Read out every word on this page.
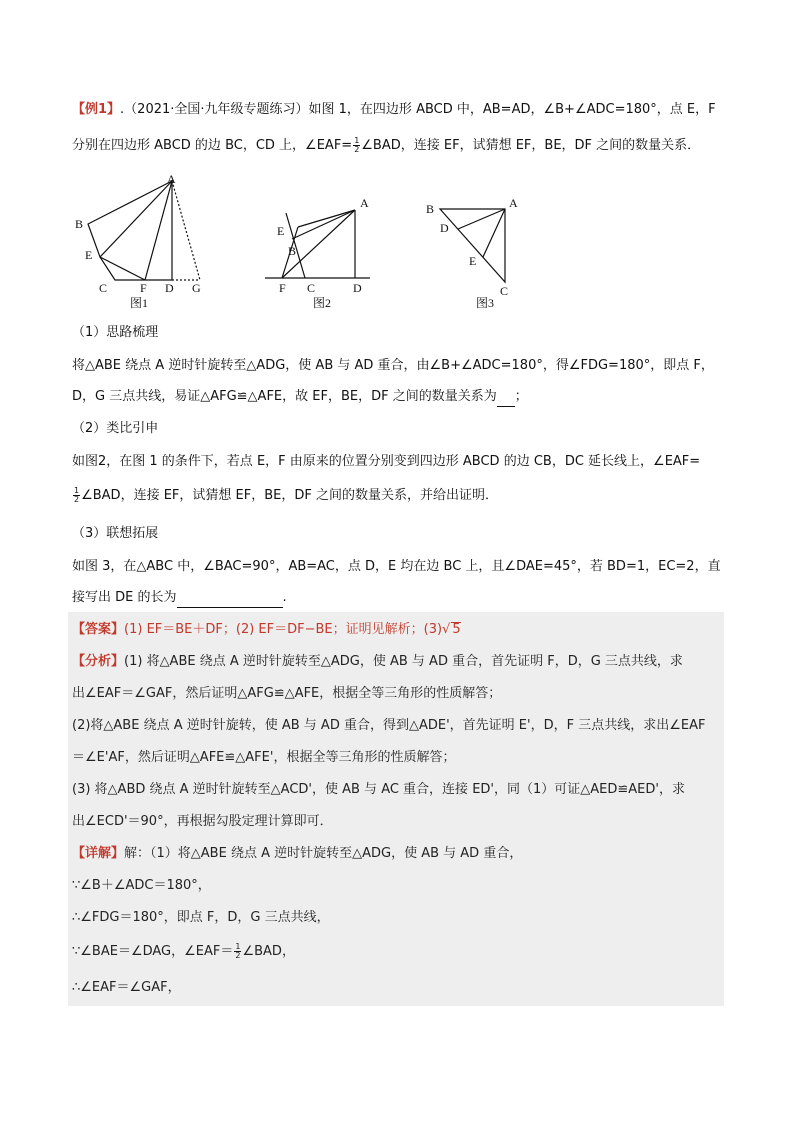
【例1】.（2021·全国·九年级专题练习）如图 1，在四边形 ABCD 中，AB=AD，∠B+∠ADC=180°，点 E，F
分别在四边形 ABCD 的边 BC，CD 上，∠EAF= $\frac{1}{2}$ ∠BAD，连接 EF，试猜想 EF，BE，DF 之间的数量关系．
A
B
E
C	F D G
图1
A
E
B
F C	D
图2
B	A
D
E
C
图3
（1）思路梳理
将△ABE 绕点 A 逆时针旋转至△ADG，使 AB 与 AD 重合，由∠B+∠ADC=180°，得∠FDG=180°，即点 F，
D，G 三点共线，易证△AFG≌△AFE，故 EF，BE，DF 之间的数量关系为 ；
（2）类比引申
如图2，在图 1 的条件下，若点 E，F 由原来的位置分别变到四边形 ABCD 的边 CB，DC 延长线上，∠EAF=
$\frac{1}{2}$ ∠BAD，连接 EF，试猜想 EF，BE，DF 之间的数量关系，并给出证明．
（3）联想拓展
如图 3，在△ABC 中，∠BAC=90°，AB=AC，点 D，E 均在边 BC 上，且∠DAE=45°，若 BD=1，EC=2，直
接写出 DE 的长为	.
【答案】(1) EF＝BE＋DF；(2) EF＝DF−BE；证明见解析；(3)√ 5
【分析】(1) 将△ABE 绕点 A 逆时针旋转至△ADG，使 AB 与 AD 重合，首先证明 F，D，G 三点共线，求
出∠EAF＝∠GAF，然后证明△AFG≌△AFE，根据全等三角形的性质解答；
(2)将△ABE 绕点 A 逆时针旋转，使 AB 与 AD 重合，得到△ADE'，首先证明 E'，D，F 三点共线，求出∠EAF
＝∠E'AF，然后证明△AFE≌△AFE'，根据全等三角形的性质解答；
(3) 将△ABD 绕点 A 逆时针旋转至△ACD'，使 AB 与 AC 重合，连接 ED'，同（1）可证△AED≌AED'，求
出∠ECD'＝90°，再根据勾股定理计算即可．
【详解】解：（1）将△ABE 绕点 A 逆时针旋转至△ADG，使 AB 与 AD 重合，
∵∠B＋∠ADC＝180°，
∴∠FDG＝180°，即点 F，D，G 三点共线，
∵∠BAE＝∠DAG，∠EAF＝ $\frac{1}{2}$ ∠BAD，
∴∠EAF＝∠GAF，
